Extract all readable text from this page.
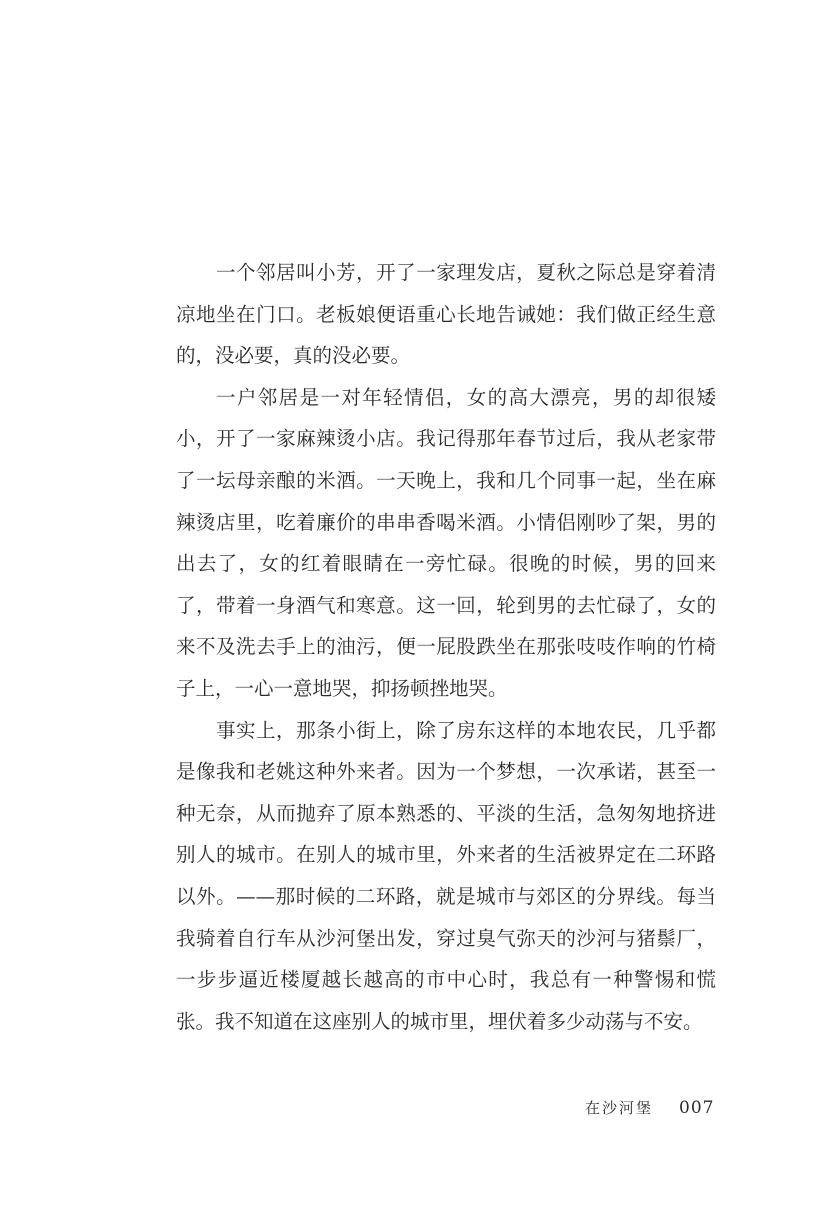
一个邻居叫小芳，开了一家理发店，夏秋之际总是穿着清
凉地坐在门口。老板娘便语重心长地告诫她：我们做正经生意
的，没必要，真的没必要。
一户邻居是一对年轻情侣，女的高大漂亮，男的却很矮
小，开了一家麻辣烫小店。我记得那年春节过后，我从老家带
了一坛母亲酿的米酒。一天晚上，我和几个同事一起，坐在麻
辣烫店里，吃着廉价的串串香喝米酒。小情侣刚吵了架，男的
出去了，女的红着眼睛在一旁忙碌。很晚的时候，男的回来
了，带着一身酒气和寒意。这一回，轮到男的去忙碌了，女的
来不及洗去手上的油污，便一屁股跌坐在那张吱吱作响的竹椅
子上，一心一意地哭，抑扬顿挫地哭。
事实上，那条小街上，除了房东这样的本地农民，几乎都
是像我和老姚这种外来者。因为一个梦想，一次承诺，甚至一
种无奈，从而抛弃了原本熟悉的、平淡的生活，急匆匆地挤进
别人的城市。在别人的城市里，外来者的生活被界定在二环路
以外。——那时候的二环路，就是城市与郊区的分界线。每当
我骑着自行车从沙河堡出发，穿过臭气弥天的沙河与猪鬃厂，
一步步逼近楼厦越长越高的市中心时，我总有一种警惕和慌
张。我不知道在这座别人的城市里，埋伏着多少动荡与不安。
在沙河堡 007
